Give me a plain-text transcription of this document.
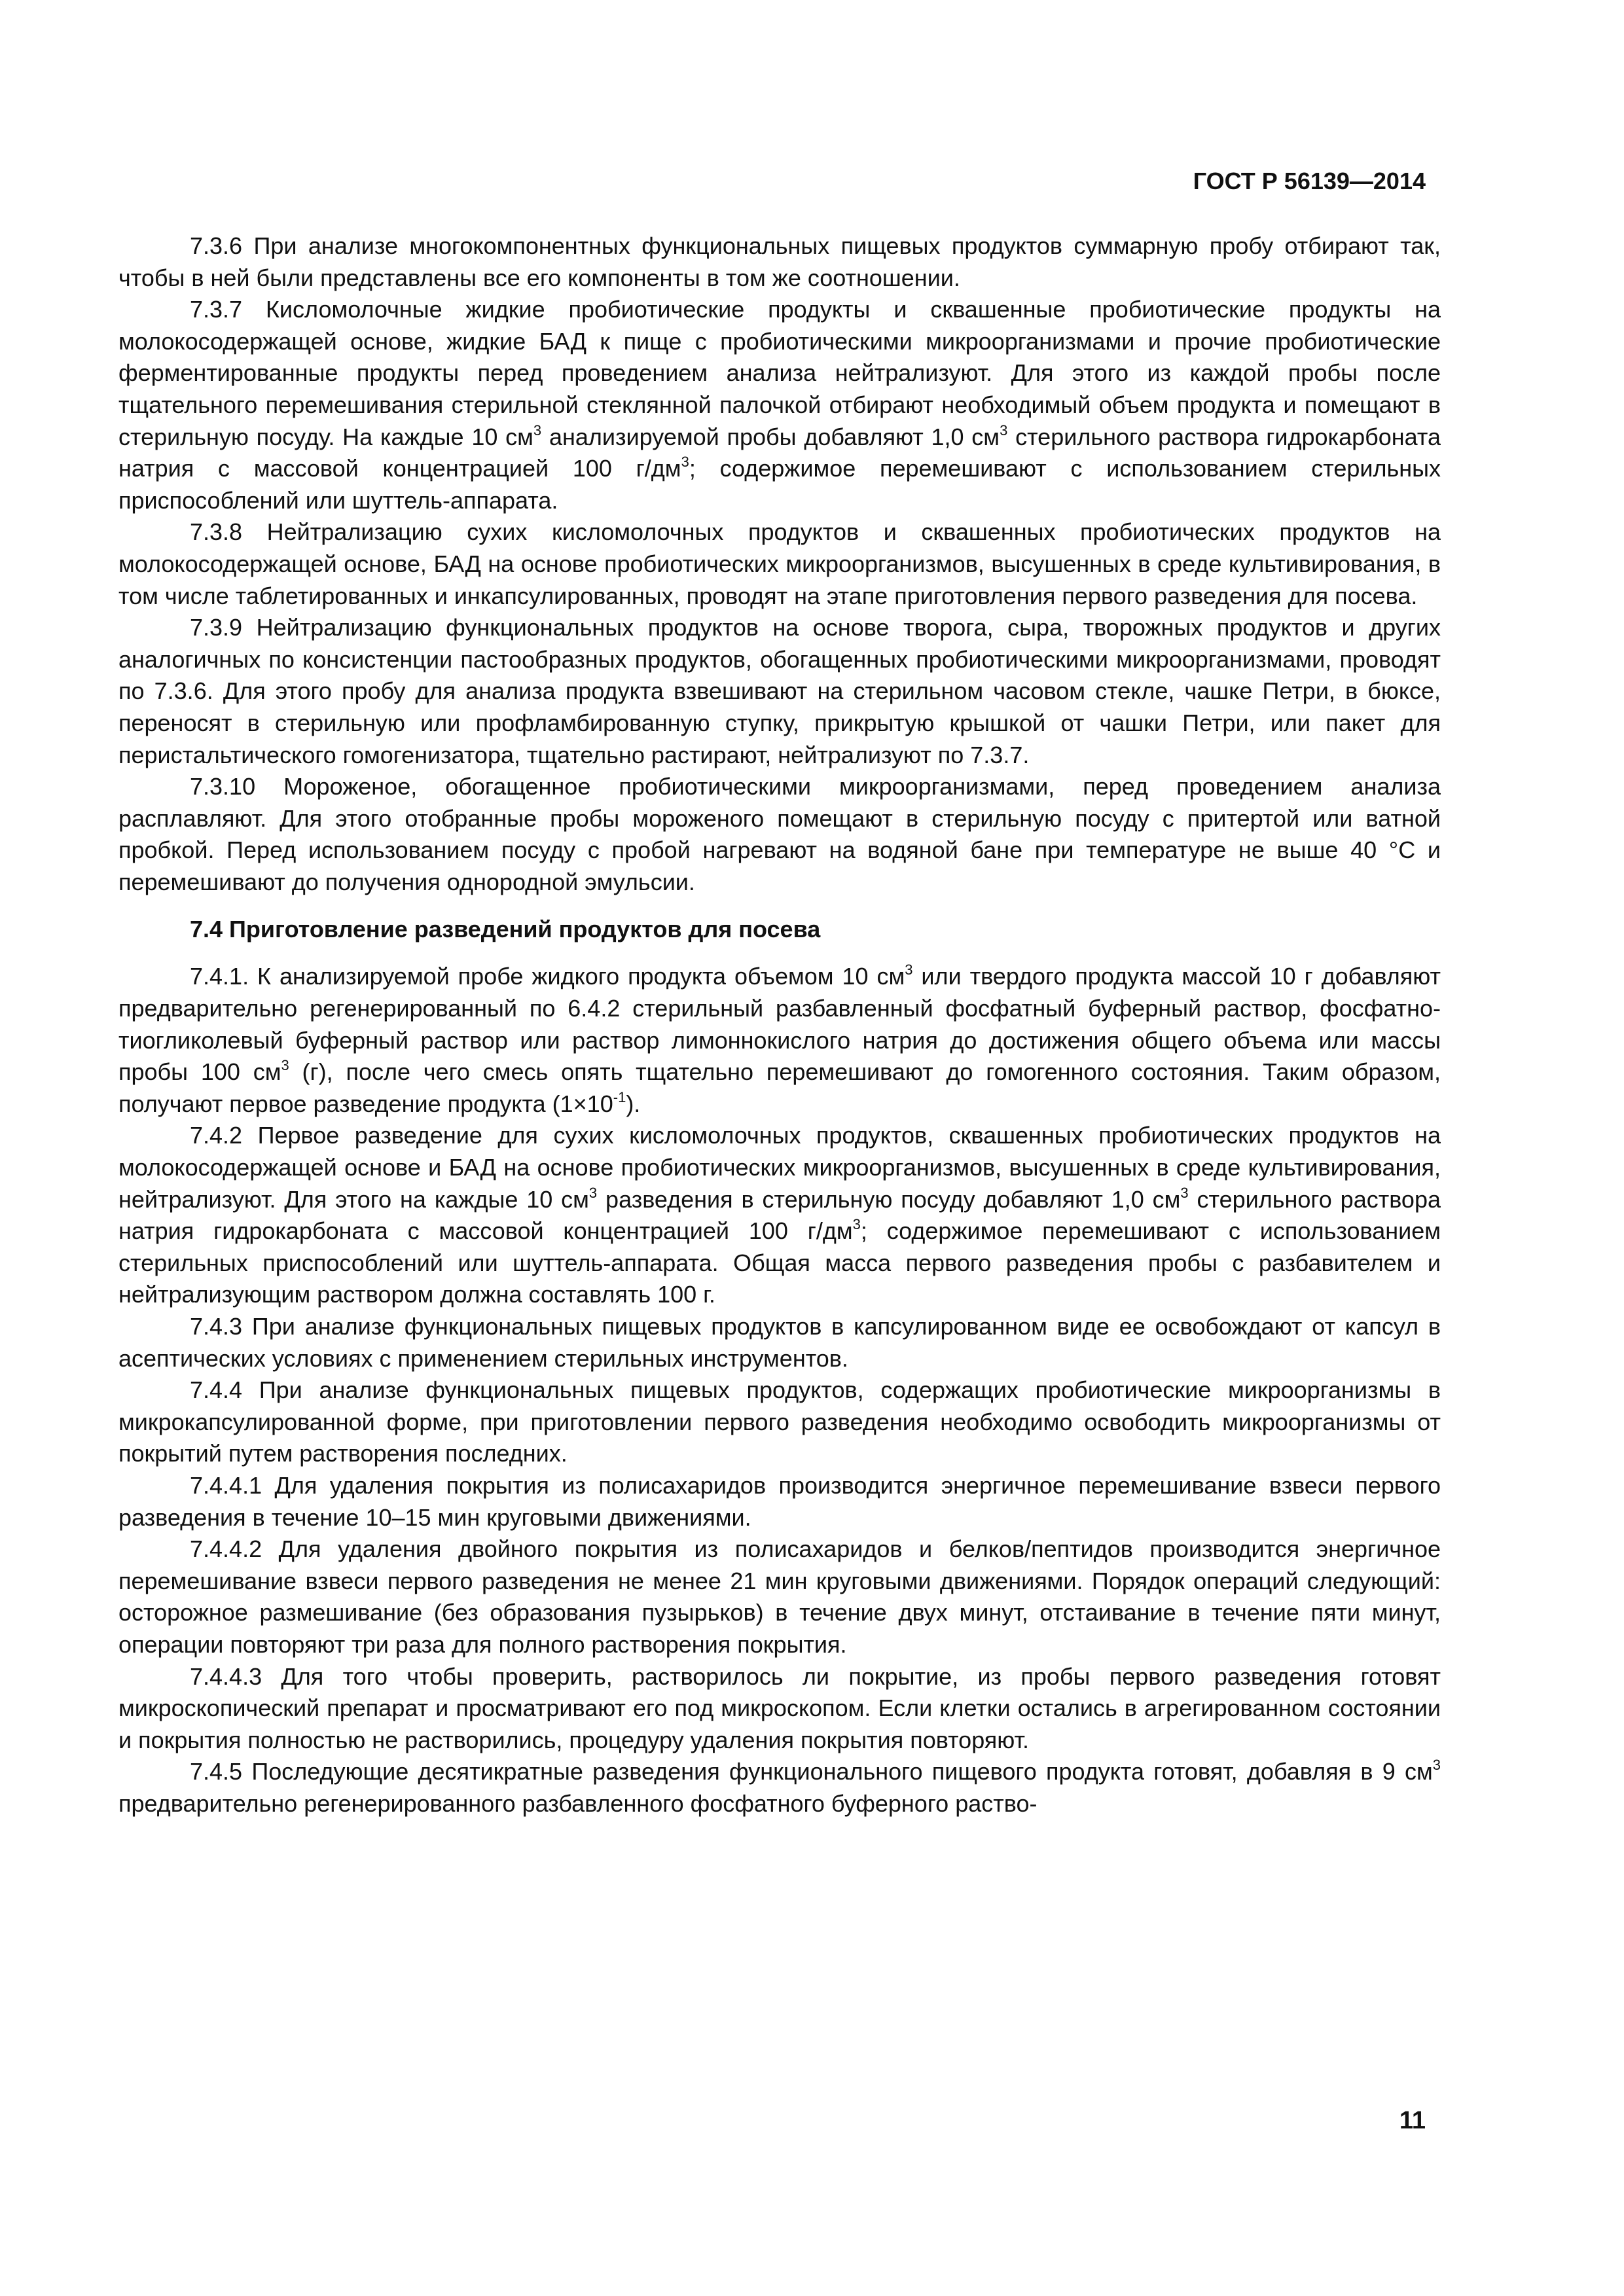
ГОСТ Р 56139—2014

7.3.6 При анализе многокомпонентных функциональных пищевых продуктов суммарную пробу отбирают так, чтобы в ней были представлены все его компоненты в том же соотношении.

7.3.7 Кисломолочные жидкие пробиотические продукты и сквашенные пробиотические продукты на молокосодержащей основе, жидкие БАД к пище с пробиотическими микроорганизмами и прочие пробиотические ферментированные продукты перед проведением анализа нейтрализуют. Для этого из каждой пробы после тщательного перемешивания стерильной стеклянной палочкой отбирают необходимый объем продукта и помещают в стерильную посуду. На каждые 10 $см^3$ анализируемой пробы добавляют 1,0 $см^3$ стерильного раствора гидрокарбоната натрия с массовой концентрацией 100 $г/дм^3$; содержимое перемешивают с использованием стерильных приспособлений или шуттель-аппарата.

7.3.8 Нейтрализацию сухих кисломолочных продуктов и сквашенных пробиотических продуктов на молокосодержащей основе, БАД на основе пробиотических микроорганизмов, высушенных в среде культивирования, в том числе таблетированных и инкапсулированных, проводят на этапе приготовления первого разведения для посева.

7.3.9 Нейтрализацию функциональных продуктов на основе творога, сыра, творожных продуктов и других аналогичных по консистенции пастообразных продуктов, обогащенных пробиотическими микроорганизмами, проводят по 7.3.6. Для этого пробу для анализа продукта взвешивают на стерильном часовом стекле, чашке Петри, в бюксе, переносят в стерильную или профламбированную ступку, прикрытую крышкой от чашки Петри, или пакет для перистальтического гомогенизатора, тщательно растирают, нейтрализуют по 7.3.7.

7.3.10 Мороженое, обогащенное пробиотическими микроорганизмами, перед проведением анализа расплавляют. Для этого отобранные пробы мороженого помещают в стерильную посуду с притертой или ватной пробкой. Перед использованием посуду с пробой нагревают на водяной бане при температуре не выше 40 °С и перемешивают до получения однородной эмульсии.

7.4 Приготовление разведений продуктов для посева

7.4.1. К анализируемой пробе жидкого продукта объемом 10 $см^3$ или твердого продукта массой 10 г добавляют предварительно регенерированный по 6.4.2 стерильный разбавленный фосфатный буферный раствор, фосфатно-тиогликолевый буферный раствор или раствор лимоннокислого натрия до достижения общего объема или массы пробы 100 $см^3$ (г), после чего смесь опять тщательно перемешивают до гомогенного состояния. Таким образом, получают первое разведение продукта $(1\times 10^{-1})$.

7.4.2 Первое разведение для сухих кисломолочных продуктов, сквашенных пробиотических продуктов на молокосодержащей основе и БАД на основе пробиотических микроорганизмов, высушенных в среде культивирования, нейтрализуют. Для этого на каждые 10 $см^3$ разведения в стерильную посуду добавляют 1,0 $см^3$ стерильного раствора натрия гидрокарбоната с массовой концентрацией 100 $г/дм^3$; содержимое перемешивают с использованием стерильных приспособлений или шуттель-аппарата. Общая масса первого разведения пробы с разбавителем и нейтрализующим раствором должна составлять 100 г.

7.4.3 При анализе функциональных пищевых продуктов в капсулированном виде ее освобождают от капсул в асептических условиях с применением стерильных инструментов.

7.4.4 При анализе функциональных пищевых продуктов, содержащих пробиотические микроорганизмы в микрокапсулированной форме, при приготовлении первого разведения необходимо освободить микроорганизмы от покрытий путем растворения последних.

7.4.4.1 Для удаления покрытия из полисахаридов производится энергичное перемешивание взвеси первого разведения в течение 10–15 мин круговыми движениями.

7.4.4.2 Для удаления двойного покрытия из полисахаридов и белков/пептидов производится энергичное перемешивание взвеси первого разведения не менее 21 мин круговыми движениями. Порядок операций следующий: осторожное размешивание (без образования пузырьков) в течение двух минут, отстаивание в течение пяти минут, операции повторяют три раза для полного растворения покрытия.

7.4.4.3 Для того чтобы проверить, растворилось ли покрытие, из пробы первого разведения готовят микроскопический препарат и просматривают его под микроскопом. Если клетки остались в агрегированном состоянии и покрытия полностью не растворились, процедуру удаления покрытия повторяют.

7.4.5 Последующие десятикратные разведения функционального пищевого продукта готовят, добавляя в 9 $см^3$ предварительно регенерированного разбавленного фосфатного буферного раство-

11
